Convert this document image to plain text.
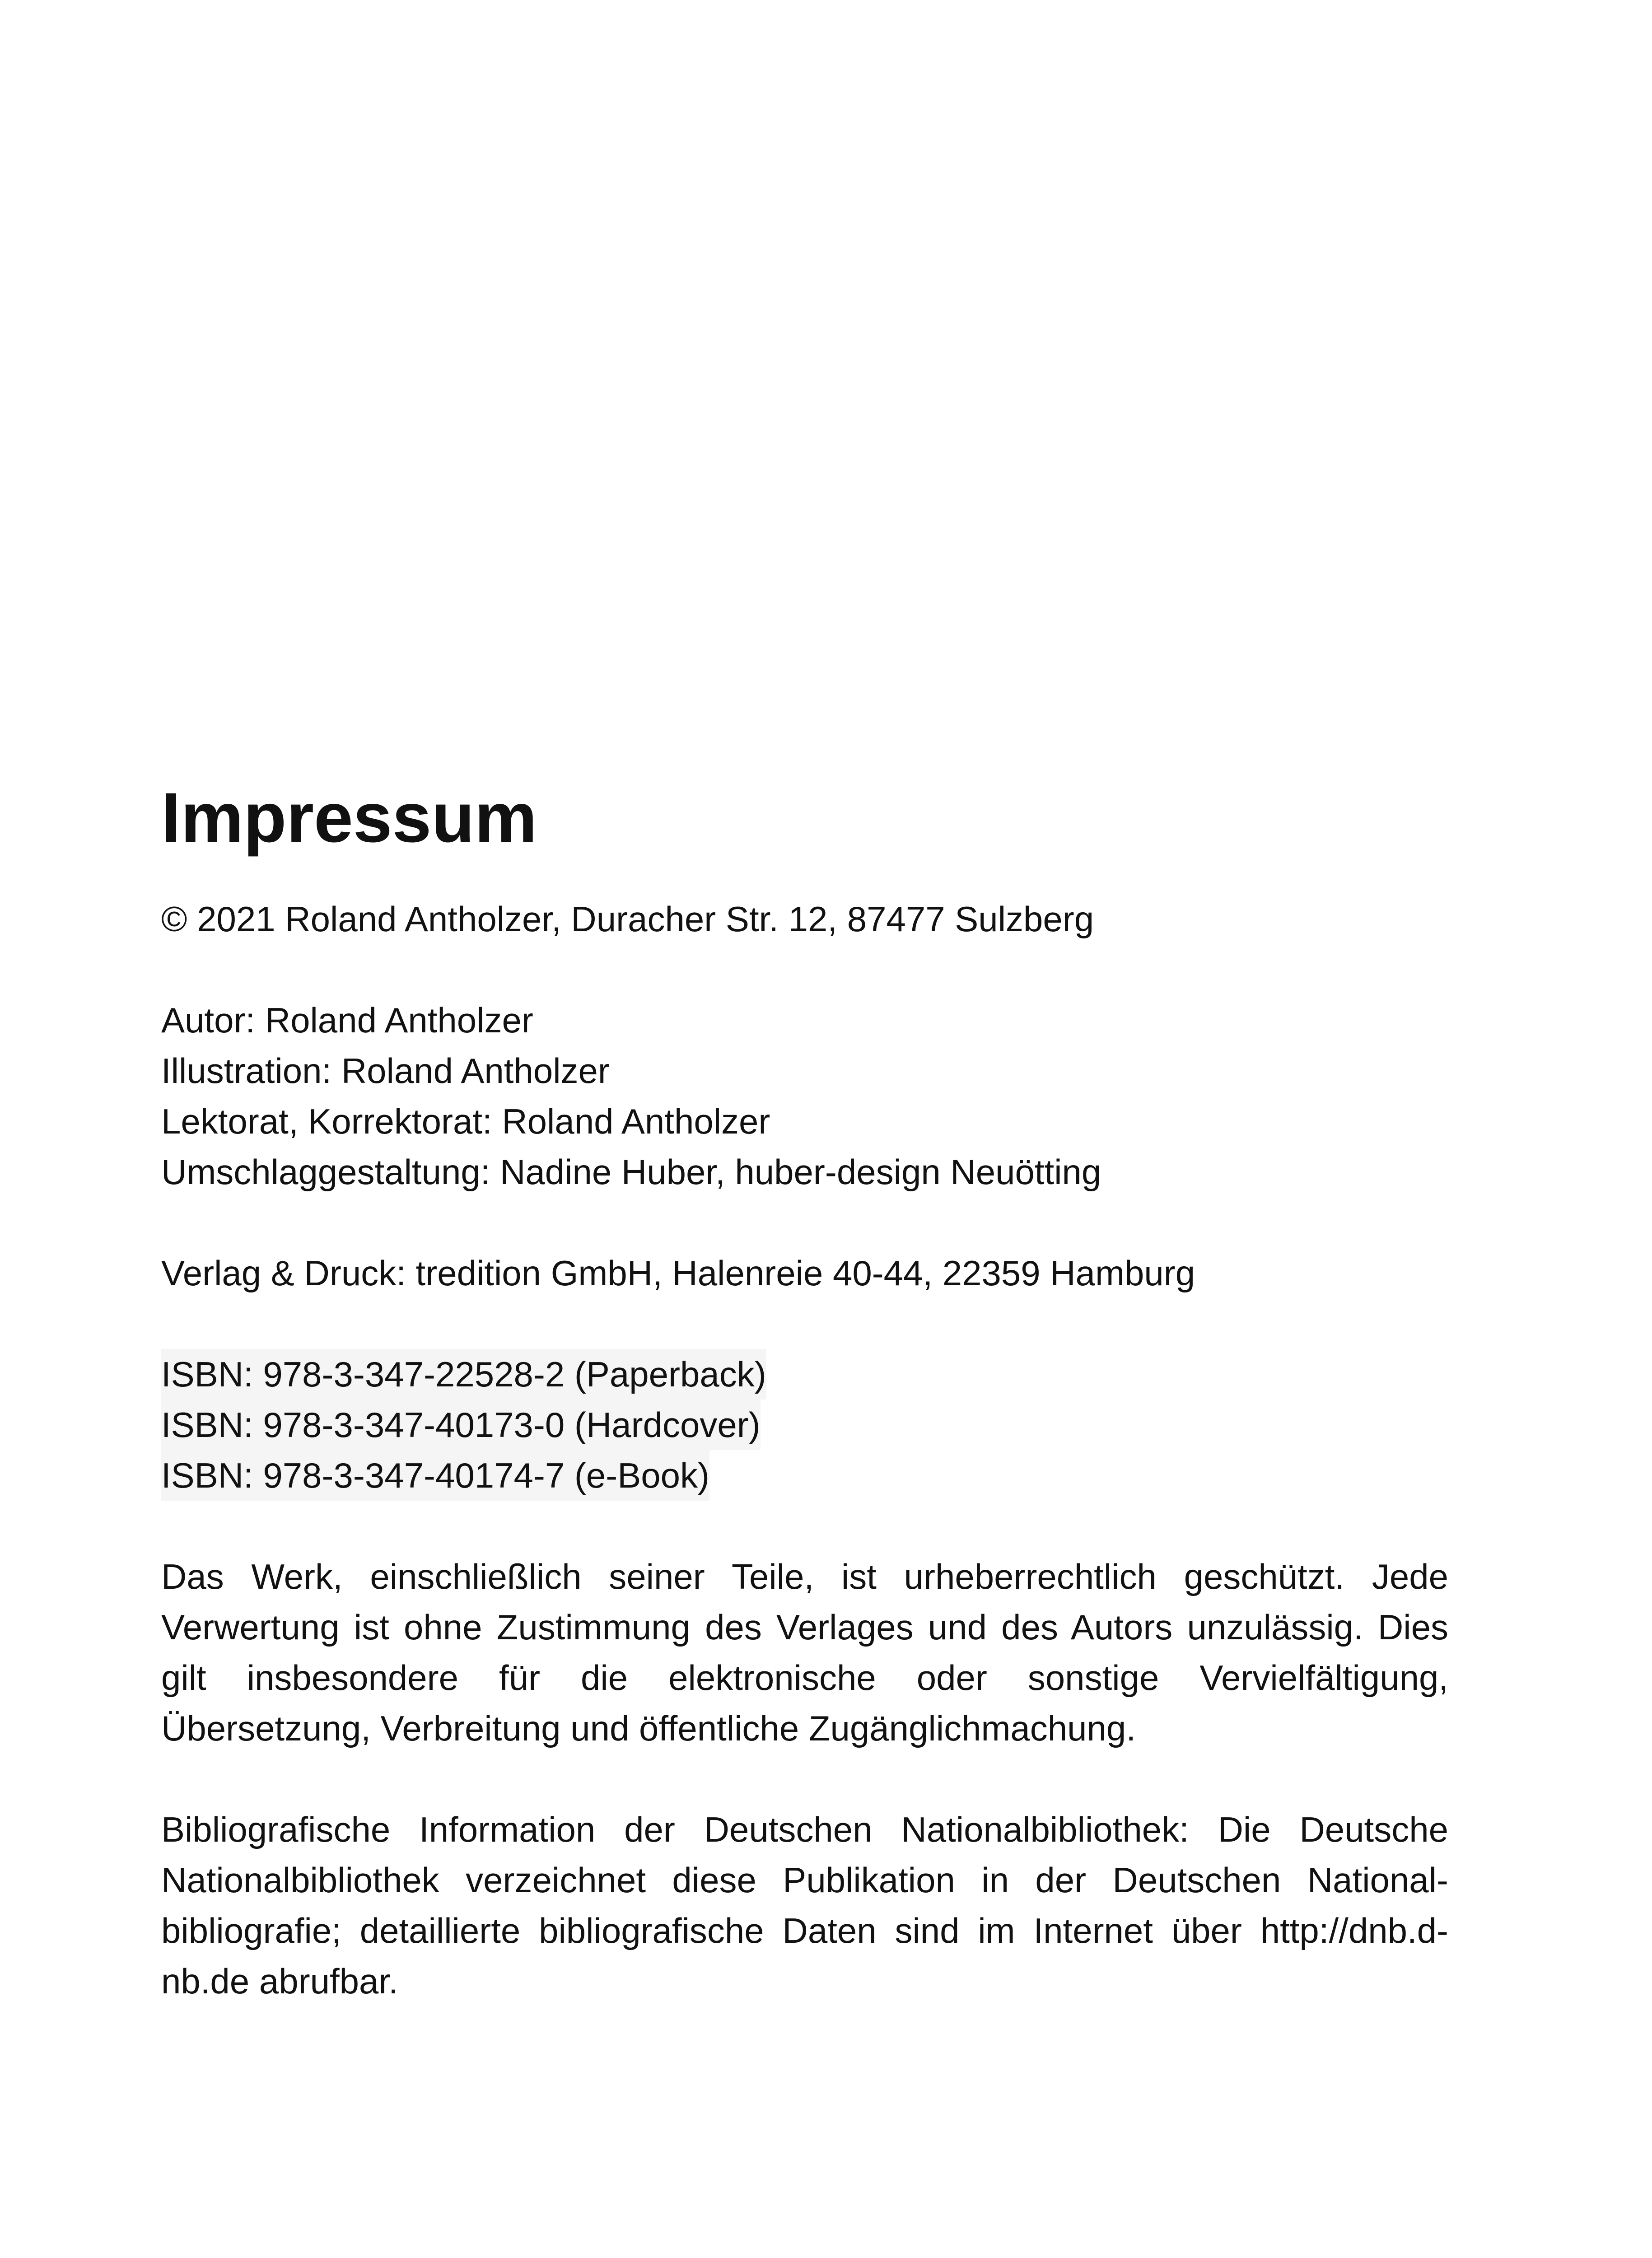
Impressum
© 2021 Roland Antholzer, Duracher Str. 12, 87477 Sulzberg
Autor: Roland Antholzer
Illustration: Roland Antholzer
Lektorat, Korrektorat: Roland Antholzer
Umschlaggestaltung: Nadine Huber, huber-design Neuötting
Verlag & Druck: tredition GmbH, Halenreie 40-44, 22359 Hamburg
ISBN: 978-3-347-22528-2 (Paperback)
ISBN: 978-3-347-40173-0 (Hardcover)
ISBN: 978-3-347-40174-7 (e-Book)
Das Werk, einschließlich seiner Teile, ist urheberrechtlich geschützt. Jede Verwertung ist ohne Zustimmung des Verlages und des Autors unzulässig. Dies gilt insbesondere für die elektronische oder sonstige Vervielfältigung, Übersetzung, Verbreitung und öffentliche Zugänglichmachung.
Bibliografische Information der Deutschen Nationalbibliothek: Die Deutsche Nationalbibliothek verzeichnet diese Publikation in der Deutschen National-bibliografie; detaillierte bibliografische Daten sind im Internet über http://dnb.d-nb.de abrufbar.
